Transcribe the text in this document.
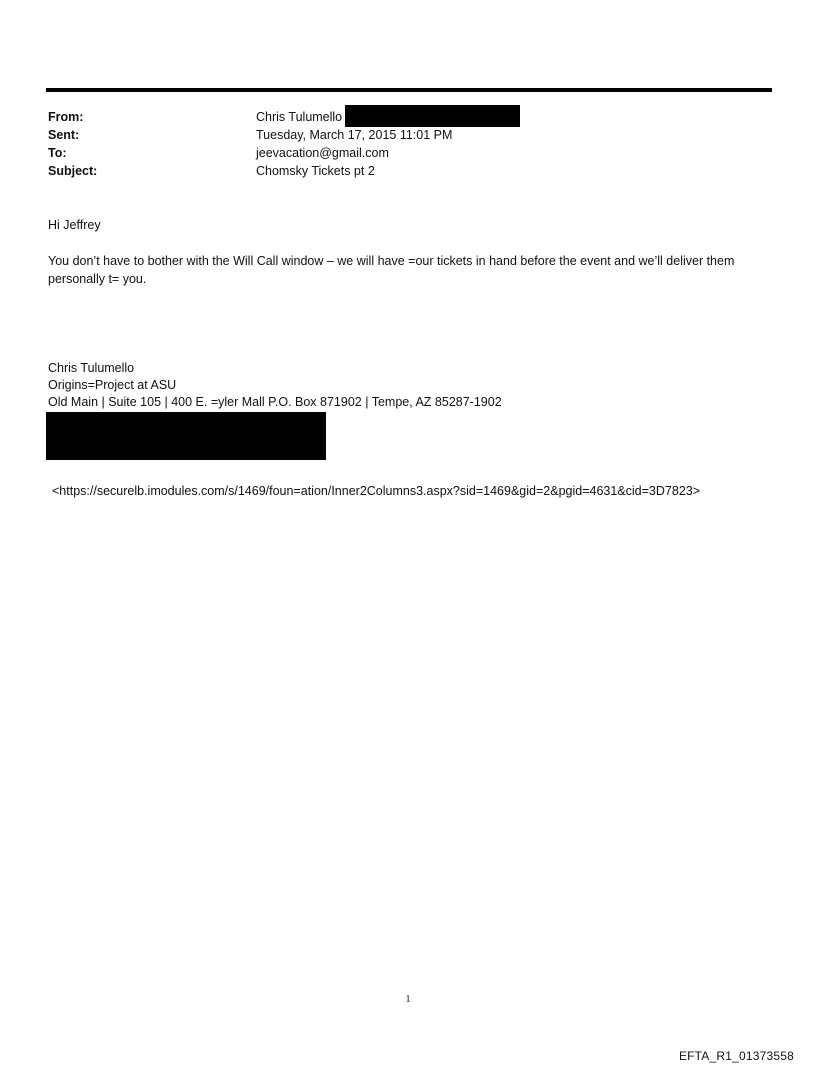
From:	Chris Tulumello
Sent:	Tuesday, March 17, 2015 11:01 PM
To:	jeevacation@gmail.com
Subject:	Chomsky Tickets pt 2
Hi Jeffrey
You don’t have to bother with the Will Call window – we will have =our tickets in hand before the event and we’ll deliver them personally t= you.
Chris Tulumello
Origins=Project at ASU
Old Main | Suite 105 | 400 E. =yler Mall P.O. Box 871902 | Tempe, AZ 85287-1902
<https://securelb.imodules.com/s/1469/foun=ation/Inner2Columns3.aspx?sid=1469&gid=2&pgid=4631&cid=3D7823>
1
EFTA_R1_01373558
